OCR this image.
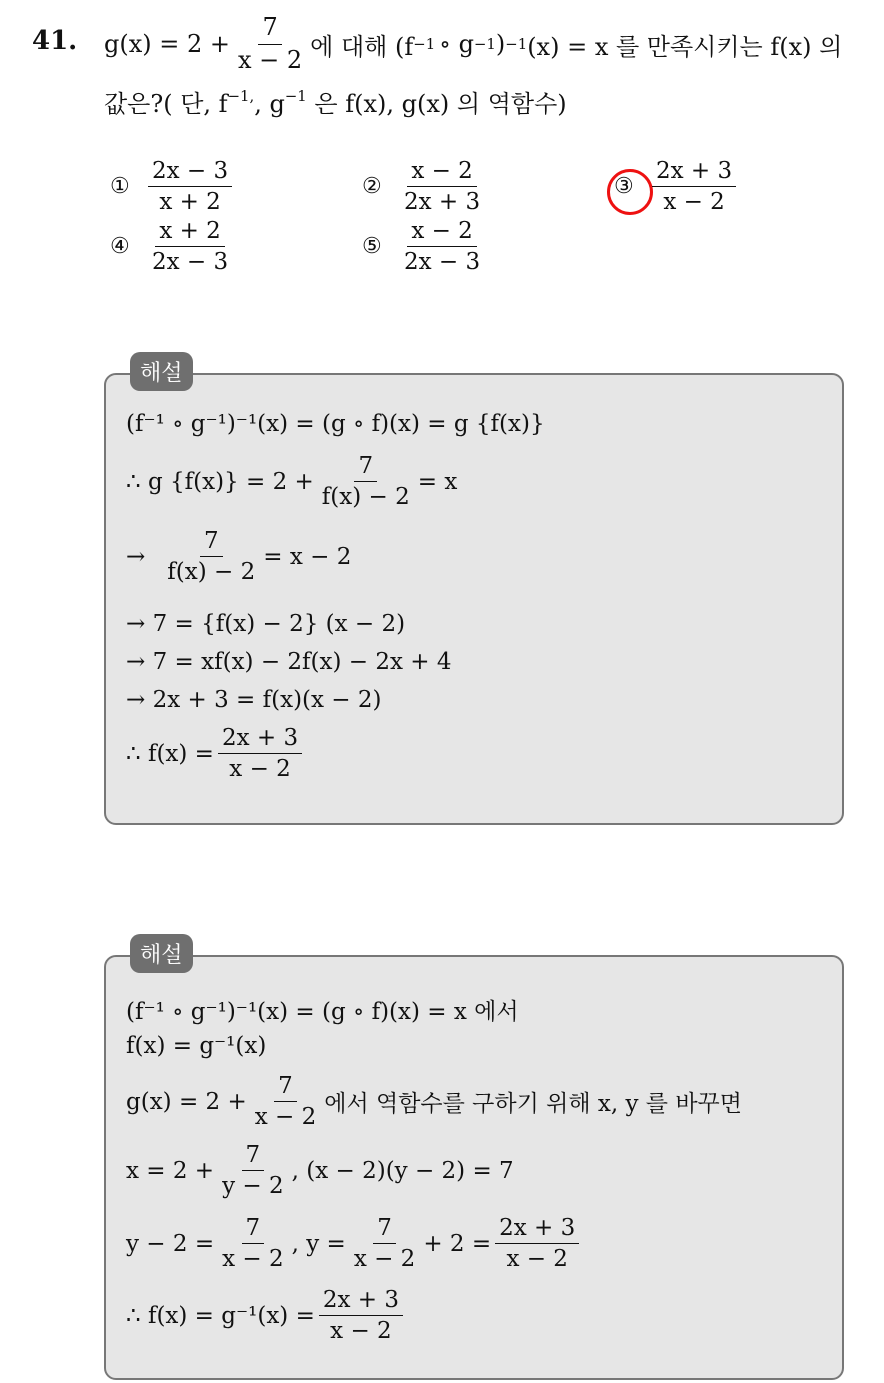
41. $g(x) = 2 + \frac{7}{x - 2}$ 에 대해 (f −1 ∘ g −1 ) −1 (x) = x 를 만족시키는 f(x) 의
값은?( 단, $f^{-1,}$, $g^{-1}$ 은 f(x), g(x) 의 역함수)
① $\frac{2x - 3}{x + 2}$	② $\frac{x - 2}{2x + 3}$	③ $\frac{2x + 3}{x - 2}$
④ $\frac{x + 2}{2x - 3}$	⑤ $\frac{x - 2}{2x - 3}$
(f⁻¹ ∘ g⁻¹)⁻¹(x) = (g ∘ f)(x) = g {f(x)}
∴ g $\{f(x)\} = 2 + \frac{7}{f(x) - 2} = x$
→ $\frac{7}{f(x) - 2} = x - 2$
→ 7 = {f(x) − 2} (x − 2)
→ 7 = xf(x) − 2f(x) − 2x + 4
→ 2x + 3 = f(x)(x − 2)
∴ $f(x) = \frac{2x + 3}{x - 2}$
해설
(f⁻¹ ∘ g⁻¹)⁻¹(x) = (g ∘ f)(x) = x 에서
f(x) = g⁻¹(x)
$g(x) = 2 + \frac{7}{x - 2}$ 에서 역함수를 구하기 위해 x, y 를 바꾸면
$x = 2 + \frac{7}{y - 2}$ , (x − 2)(y − 2) = 7
$y - 2 = \frac{7}{x - 2}$ , $y = \frac{7}{x - 2} + 2 = \frac{2x + 3}{x - 2}$
∴ $f(x) = g^{-1}(x) = \frac{2x + 3}{x - 2}$
해설
